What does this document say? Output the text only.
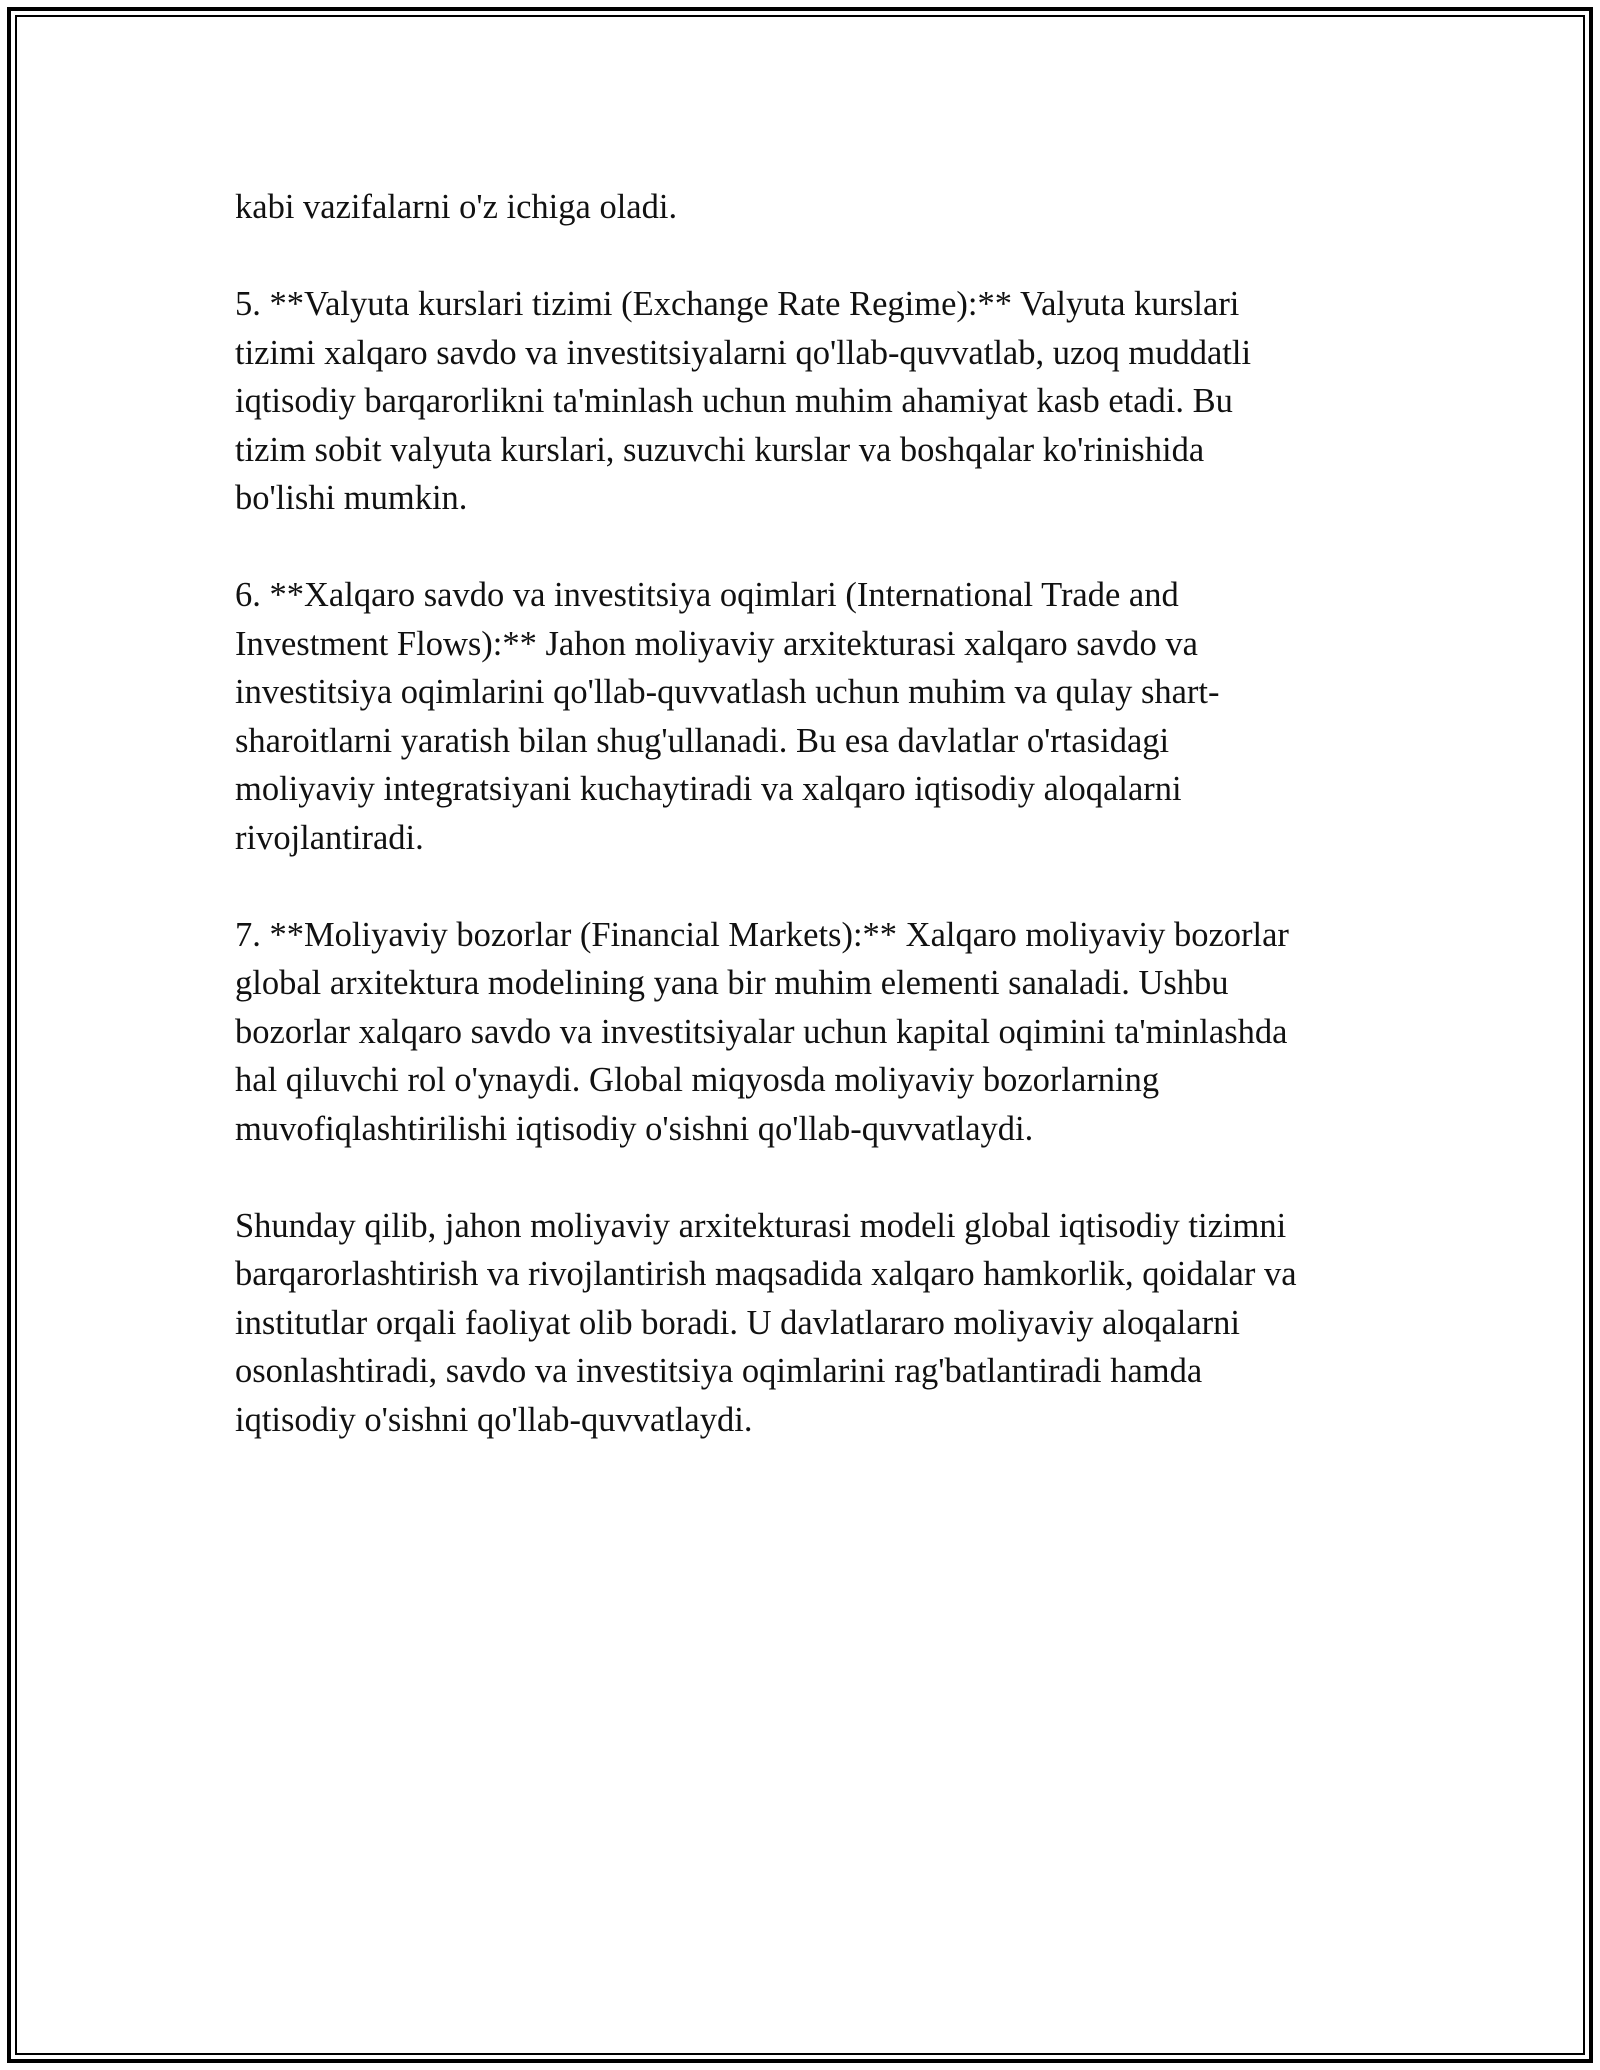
kabi vazifalarni o'z ichiga oladi.
5. **Valyuta kurslari tizimi (Exchange Rate Regime):** Valyuta kurslari
tizimi xalqaro savdo va investitsiyalarni qo'llab-quvvatlab, uzoq muddatli
iqtisodiy barqarorlikni ta'minlash uchun muhim ahamiyat kasb etadi. Bu
tizim sobit valyuta kurslari, suzuvchi kurslar va boshqalar ko'rinishida
bo'lishi mumkin.
6. **Xalqaro savdo va investitsiya oqimlari (International Trade and
Investment Flows):** Jahon moliyaviy arxitekturasi xalqaro savdo va
investitsiya oqimlarini qo'llab-quvvatlash uchun muhim va qulay shart-
sharoitlarni yaratish bilan shug'ullanadi. Bu esa davlatlar o'rtasidagi
moliyaviy integratsiyani kuchaytiradi va xalqaro iqtisodiy aloqalarni
rivojlantiradi.
7. **Moliyaviy bozorlar (Financial Markets):** Xalqaro moliyaviy bozorlar
global arxitektura modelining yana bir muhim elementi sanaladi. Ushbu
bozorlar xalqaro savdo va investitsiyalar uchun kapital oqimini ta'minlashda
hal qiluvchi rol o'ynaydi. Global miqyosda moliyaviy bozorlarning
muvofiqlashtirilishi iqtisodiy o'sishni qo'llab-quvvatlaydi.
Shunday qilib, jahon moliyaviy arxitekturasi modeli global iqtisodiy tizimni
barqarorlashtirish va rivojlantirish maqsadida xalqaro hamkorlik, qoidalar va
institutlar orqali faoliyat olib boradi. U davlatlararo moliyaviy aloqalarni
osonlashtiradi, savdo va investitsiya oqimlarini rag'batlantiradi hamda
iqtisodiy o'sishni qo'llab-quvvatlaydi.
